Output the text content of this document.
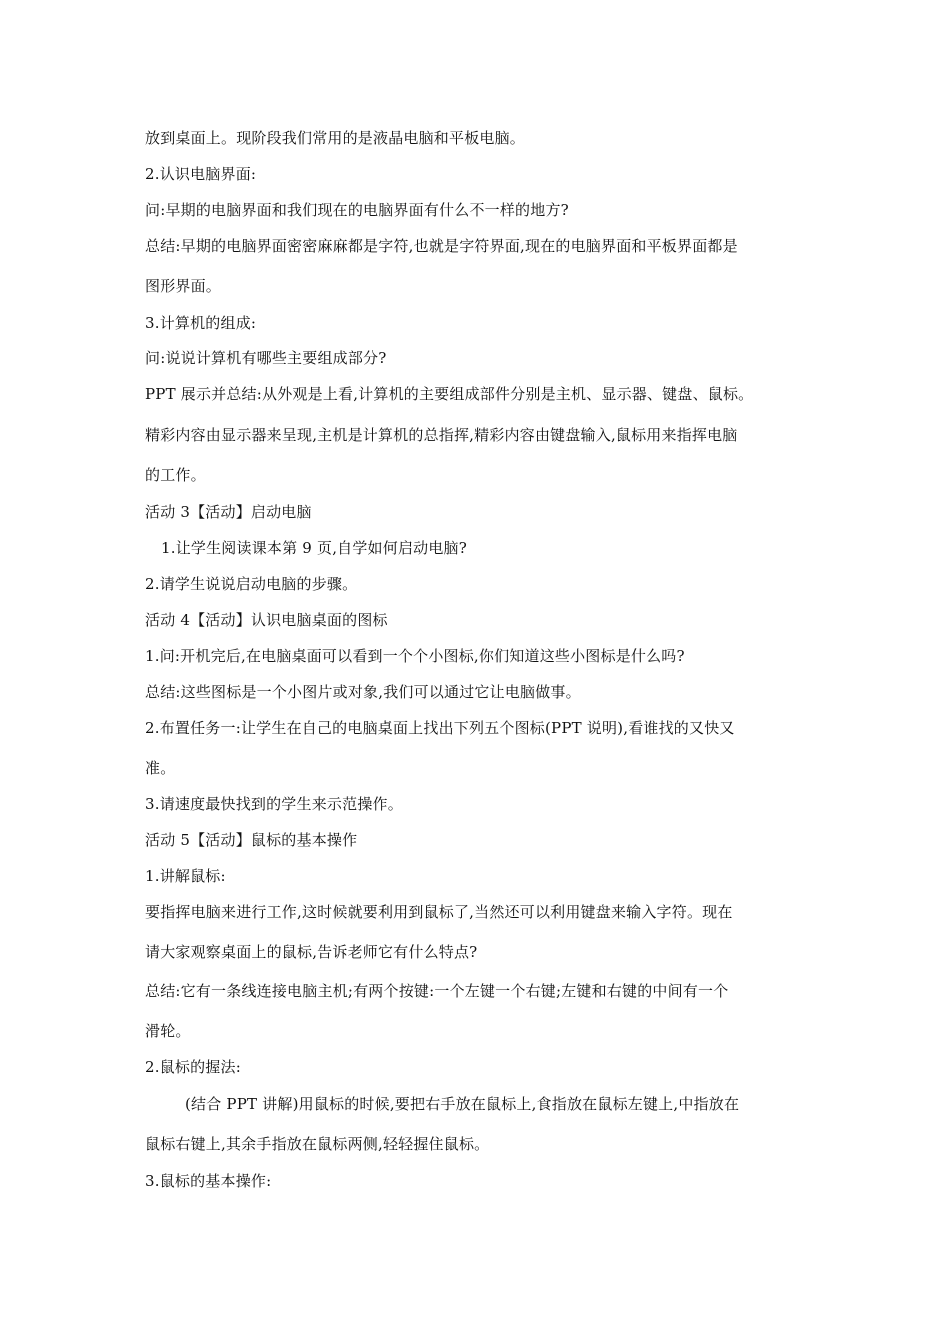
放到桌面上。现阶段我们常用的是液晶电脑和平板电脑。
2.认识电脑界面:
问:早期的电脑界面和我们现在的电脑界面有什么不一样的地方?
总结:早期的电脑界面密密麻麻都是字符,也就是字符界面,现在的电脑界面和平板界面都是
图形界面。
3.计算机的组成:
问:说说计算机有哪些主要组成部分?
PPT 展示并总结:从外观是上看,计算机的主要组成部件分别是主机、显示器、键盘、鼠标。
精彩内容由显示器来呈现,主机是计算机的总指挥,精彩内容由键盘输入,鼠标用来指挥电脑
的工作。
活动 3【活动】启动电脑
1.让学生阅读课本第 9 页,自学如何启动电脑?
2.请学生说说启动电脑的步骤。
活动 4【活动】认识电脑桌面的图标
1.问:开机完后,在电脑桌面可以看到一个个小图标,你们知道这些小图标是什么吗?
总结:这些图标是一个小图片或对象,我们可以通过它让电脑做事。
2.布置任务一:让学生在自己的电脑桌面上找出下列五个图标(PPT 说明),看谁找的又快又
准。
3.请速度最快找到的学生来示范操作。
活动 5【活动】鼠标的基本操作
1.讲解鼠标:
要指挥电脑来进行工作,这时候就要利用到鼠标了,当然还可以利用键盘来输入字符。现在
请大家观察桌面上的鼠标,告诉老师它有什么特点?
总结:它有一条线连接电脑主机;有两个按键:一个左键一个右键;左键和右键的中间有一个
滑轮。
2.鼠标的握法:
(结合 PPT 讲解)用鼠标的时候,要把右手放在鼠标上,食指放在鼠标左键上,中指放在
鼠标右键上,其余手指放在鼠标两侧,轻轻握住鼠标。
3.鼠标的基本操作:
